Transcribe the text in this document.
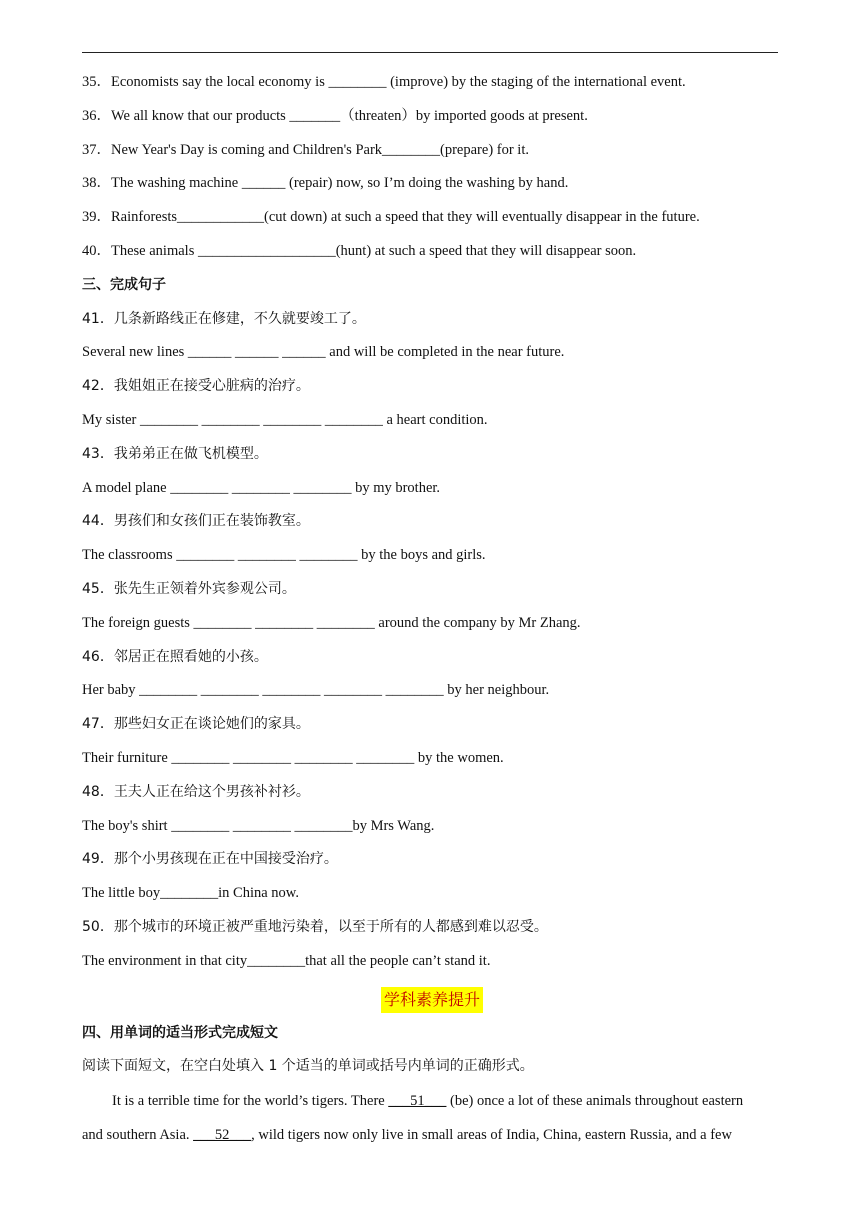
35．Economists say the local economy is ________ (improve) by the staging of the international event.
36．We all know that our products _______（threaten）by imported goods at present.
37．New Year's Day is coming and Children's Park________(prepare) for it.
38．The washing machine ______ (repair) now, so I’m doing the washing by hand.
39．Rainforests____________(cut down) at such a speed that they will eventually disappear in the future.
40．These animals ___________________(hunt) at such a speed that they will disappear soon.
三、完成句子
41．几条新路线正在修建，不久就要竣工了。
Several new lines ______ ______ ______ and will be completed in the near future.
42．我姐姐正在接受心脏病的治疗。
My sister ________ ________ ________ ________ a heart condition.
43．我弟弟正在做飞机模型。
A model plane ________ ________ ________ by my brother.
44．男孩们和女孩们正在装饰教室。
The classrooms ________ ________ ________ by the boys and girls.
45．张先生正领着外宾参观公司。
The foreign guests ________ ________ ________ around the company by Mr Zhang.
46．邻居正在照看她的小孩。
Her baby ________ ________ ________ ________ ________ by her neighbour.
47．那些妇女正在谈论她们的家具。
Their furniture ________ ________ ________ ________ by the women.
48．王夫人正在给这个男孩补衬衫。
The boy's shirt ________ ________ ________by Mrs Wang.
49．那个小男孩现在正在中国接受治疗。
The little boy________in China now.
50．那个城市的环境正被严重地污染着，以至于所有的人都感到难以忍受。
The environment in that city________that all the people can’t stand it.
学科素养提升
四、用单词的适当形式完成短文
阅读下面短文，在空白处填入 1 个适当的单词或括号内单词的正确形式。
It is a terrible time for the world’s tigers. There ___51___ (be) once a lot of these animals throughout eastern
and southern Asia. ___52___, wild tigers now only live in small areas of India, China, eastern Russia, and a few
